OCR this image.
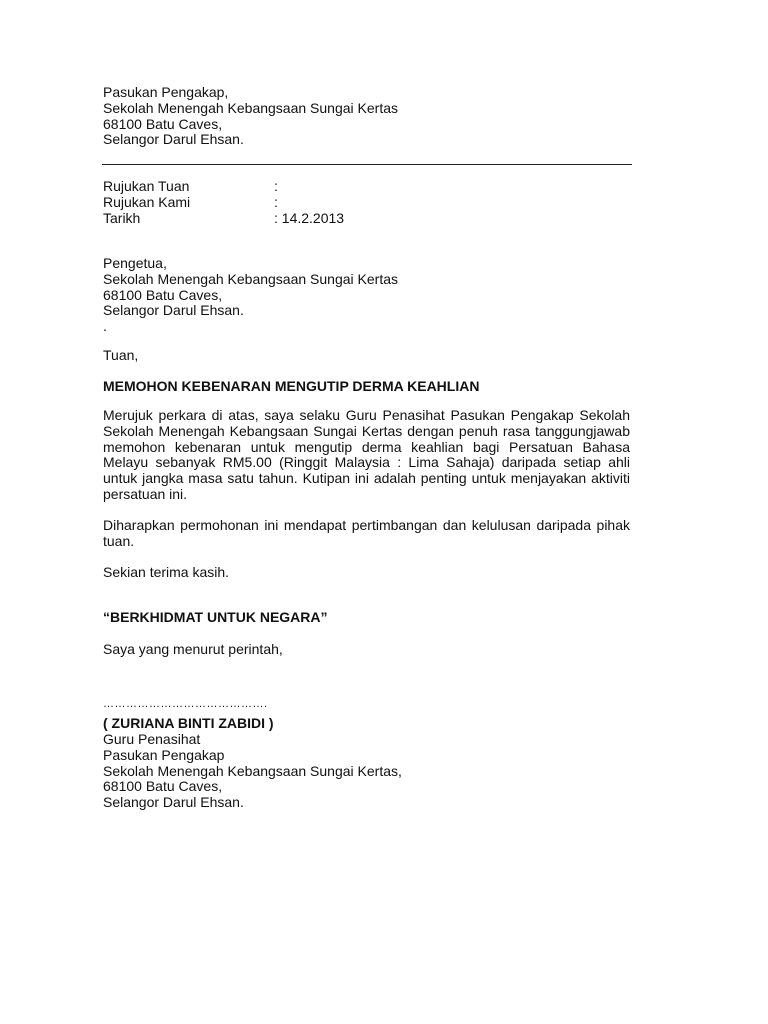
Pasukan Pengakap,
Sekolah Menengah Kebangsaan Sungai Kertas
68100 Batu Caves,
Selangor Darul Ehsan.
Rujukan Tuan	:
Rujukan Kami	:
Tarikh	: 14.2.2013
Pengetua,
Sekolah Menengah Kebangsaan Sungai Kertas
68100 Batu Caves,
Selangor Darul Ehsan.
.
Tuan,
MEMOHON KEBENARAN MENGUTIP DERMA KEAHLIAN
Merujuk perkara di atas, saya selaku Guru Penasihat Pasukan Pengakap Sekolah Sekolah Menengah Kebangsaan Sungai Kertas dengan penuh rasa tanggungjawab memohon kebenaran untuk mengutip derma keahlian bagi Persatuan Bahasa Melayu sebanyak RM5.00 (Ringgit Malaysia : Lima Sahaja) daripada setiap ahli untuk jangka masa satu tahun. Kutipan ini adalah penting untuk menjayakan aktiviti persatuan ini.
Diharapkan permohonan ini mendapat pertimbangan dan kelulusan daripada pihak tuan.
Sekian terima kasih.
“BERKHIDMAT UNTUK NEGARA”
Saya yang menurut perintah,
…………………………………….
( ZURIANA BINTI ZABIDI )
Guru Penasihat
Pasukan Pengakap
Sekolah Menengah Kebangsaan Sungai Kertas,
68100 Batu Caves,
Selangor Darul Ehsan.
